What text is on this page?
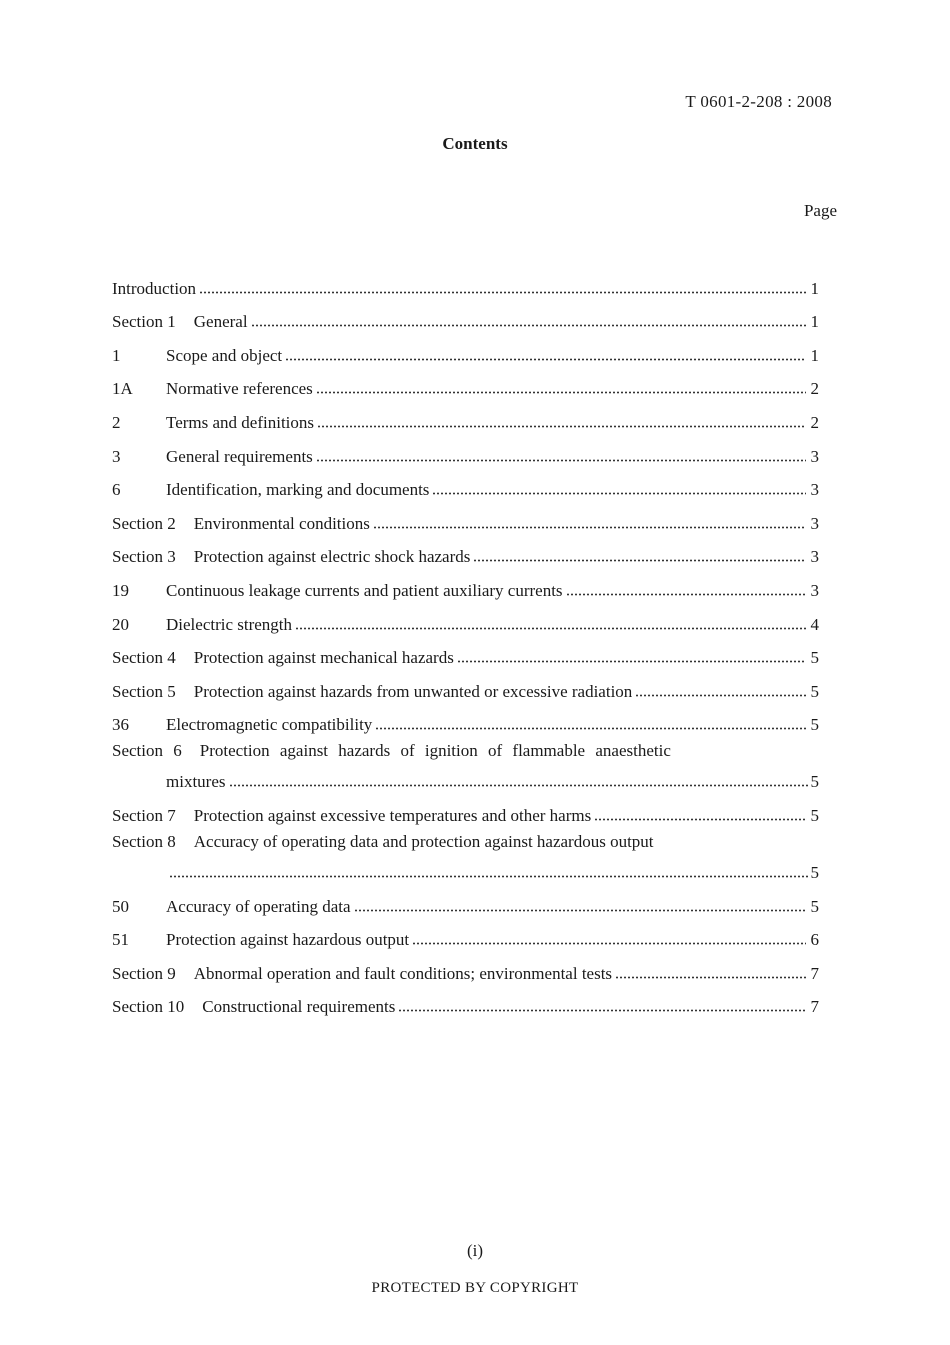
T 0601-2-208 : 2008
Contents
Page
Introduction	1
Section 1 General	1
1	Scope and object	1
1A	Normative references	2
2	Terms and definitions	2
3	General requirements	3
6	Identification, marking and documents	3
Section 2 Environmental conditions	3
Section 3 Protection against electric shock hazards	3
19	Continuous leakage currents and patient auxiliary currents	3
20	Dielectric strength	4
Section 4 Protection against mechanical hazards	5
Section 5 Protection against hazards from unwanted or excessive radiation	5
36	Electromagnetic compatibility	5
Section 6 Protection against hazards of ignition of flammable anaesthetic
mixtures	5
Section 7 Protection against excessive temperatures and other harms	5
Section 8 Accuracy of operating data and protection against hazardous output
5
50	Accuracy of operating data	5
51	Protection against hazardous output	6
Section 9 Abnormal operation and fault conditions; environmental tests	7
Section 10 Constructional requirements	7
(i)
PROTECTED BY COPYRIGHT
